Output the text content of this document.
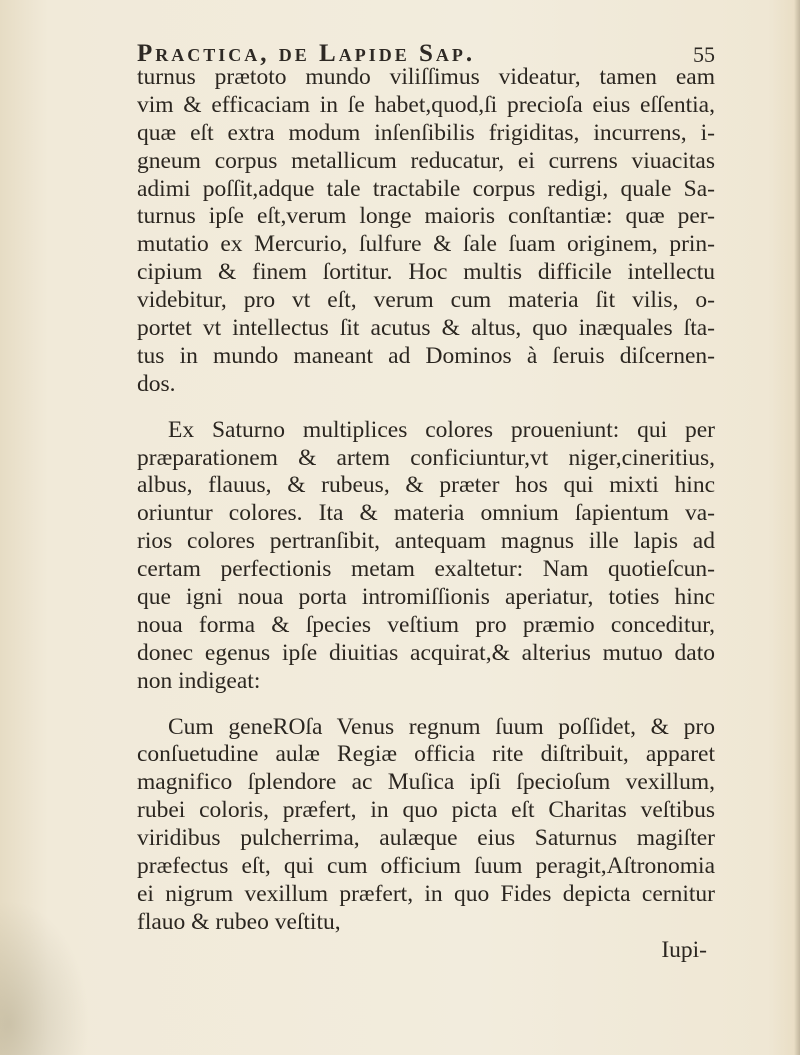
Practica, de Lapide Sap.	55
turnus prætoto mundo viliſſimus videatur, tamen eam
vim & efficaciam in ſe habet,quod,ſi precioſa eius eſſentia,
quæ eſt extra modum inſenſibilis frigiditas, incurrens, i-
gneum corpus metallicum reducatur, ei currens viuacitas
adimi poſſit,adque tale tractabile corpus redigi, quale Sa-
turnus ipſe eſt,verum longe maioris conſtantiæ: quæ per-
mutatio ex Mercurio, ſulfure & ſale ſuam originem, prin-
cipium & finem ſortitur. Hoc multis difficile intellectu
videbitur, pro vt eſt, verum cum materia ſit vilis, o-
portet vt intellectus ſit acutus & altus, quo inæquales ſta-
tus in mundo maneant ad Dominos à ſeruis diſcernen-
dos.
Ex Saturno multiplices colores proueniunt: qui per
præparationem & artem conficiuntur,vt niger,cineritius,
albus, flauus, & rubeus, & præter hos qui mixti hinc
oriuntur colores. Ita & materia omnium ſapientum va-
rios colores pertranſibit, antequam magnus ille lapis ad
certam perfectionis metam exaltetur: Nam quotieſcun-
que igni noua porta intromiſſionis aperiatur, toties hinc
noua forma & ſpecies veſtium pro præmio conceditur,
donec egenus ipſe diuitias acquirat,& alterius mutuo dato
non indigeat:
Cum geneROſa Venus regnum ſuum poſſidet, & pro
conſuetudine aulæ Regiæ officia rite diſtribuit, apparet
magnifico ſplendore ac Muſica ipſi ſpecioſum vexillum,
rubei coloris, præfert, in quo picta eſt Charitas veſtibus
viridibus pulcherrima, aulæque eius Saturnus magiſter
præfectus eſt, qui cum officium ſuum peragit,Aſtronomia
ei nigrum vexillum præfert, in quo Fides depicta cernitur
flauo & rubeo veſtitu,
Iupi-
